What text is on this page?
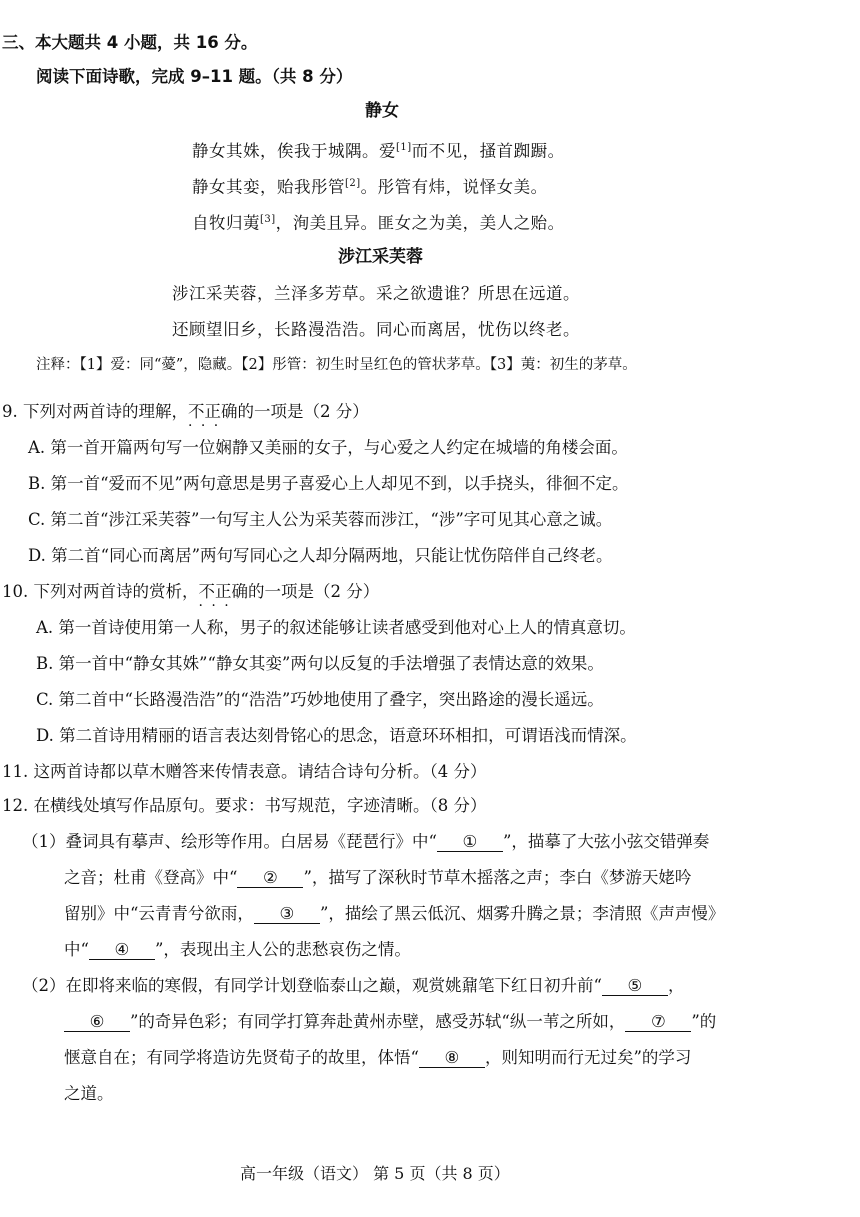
三、本大题共 4 小题，共 16 分。
阅读下面诗歌，完成 9–11 题。（共 8 分）
静女
静女其姝，俟我于城隅。爱[1]而不见，搔首踟蹰。
静女其娈，贻我彤管[2]。彤管有炜，说怿女美。
自牧归荑[3]，洵美且异。匪女之为美，美人之贻。
涉江采芙蓉
涉江采芙蓉，兰泽多芳草。采之欲遗谁？所思在远道。
还顾望旧乡，长路漫浩浩。同心而离居，忧伤以终老。
注释：【1】爱：同“薆”，隐藏。【2】彤管：初生时呈红色的管状茅草。【3】荑：初生的茅草。
9. 下列对两首诗的理解，不正确 · · ·的一项是（2 分）
A. 第一首开篇两句写一位娴静又美丽的女子，与心爱之人约定在城墙的角楼会面。
B. 第一首“爱而不见”两句意思是男子喜爱心上人却见不到，以手挠头，徘徊不定。
C. 第二首“涉江采芙蓉”一句写主人公为采芙蓉而涉江，“涉”字可见其心意之诚。
D. 第二首“同心而离居”两句写同心之人却分隔两地，只能让忧伤陪伴自己终老。
10. 下列对两首诗的赏析，不正确 · · ·的一项是（2 分）
A. 第一首诗使用第一人称，男子的叙述能够让读者感受到他对心上人的情真意切。
B. 第一首中“静女其姝”“静女其娈”两句以反复的手法增强了表情达意的效果。
C. 第二首中“长路漫浩浩”的“浩浩”巧妙地使用了叠字，突出路途的漫长遥远。
D. 第二首诗用精丽的语言表达刻骨铭心的思念，语意环环相扣，可谓语浅而情深。
11. 这两首诗都以草木赠答来传情表意。请结合诗句分析。（4 分）
12. 在横线处填写作品原句。要求：书写规范，字迹清晰。（8 分）
（1）叠词具有摹声、绘形等作用。白居易《琵琶行》中“ ① ”，描摹了大弦小弦交错弹奏
之音；杜甫《登高》中“ ② ”，描写了深秋时节草木摇落之声；李白《梦游天姥吟
留别》中“云青青兮欲雨， ③ ”，描绘了黑云低沉、烟雾升腾之景；李清照《声声慢》
中“ ④ ”，表现出主人公的悲愁哀伤之情。
（2）在即将来临的寒假，有同学计划登临泰山之巅，观赏姚鼐笔下红日初升前“ ⑤ ，
⑥ ”的奇异色彩；有同学打算奔赴黄州赤壁，感受苏轼“纵一苇之所如， ⑦ ”的
惬意自在；有同学将造访先贤荀子的故里，体悟“ ⑧ ，则知明而行无过矣”的学习
之道。
高一年级（语文） 第 5 页（共 8 页）
